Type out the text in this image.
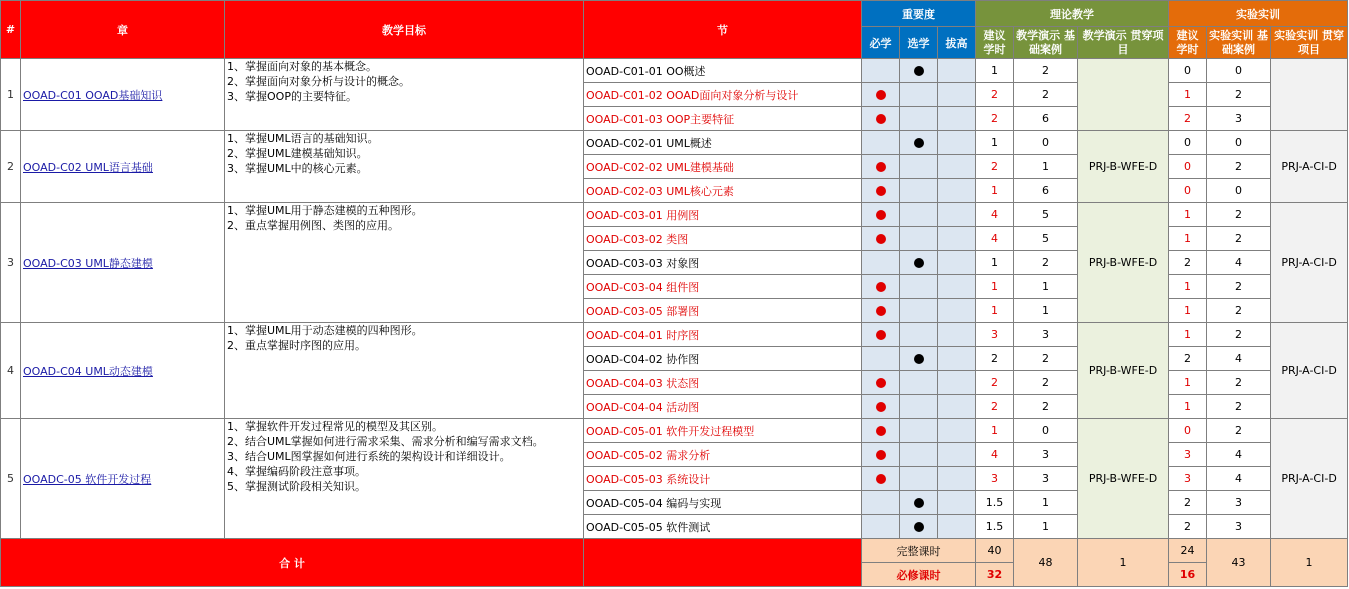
#	章	教学目标	节	重要度			理论教学			实验实训		
				必学	选学	拔高	建议 学时	教学演示 基础案例	教学演示 贯穿项目	建议 学时	实验实训 基础案例	实验实训 贯穿项目
1	OOAD-C01 OOAD基础知识	1、掌握面向对象的基本概念。
2、掌握面向对象分析与设计的概念。
3、掌握OOP的主要特征。	OOAD-C01-01 OO概述				1	2		0	0	
			OOAD-C01-02 OOAD面向对象分析与设计				2	2		1	2	
			OOAD-C01-03 OOP主要特征				2	6		2	3	
2	OOAD-C02 UML语言基础	1、掌握UML语言的基础知识。
2、掌握UML建模基础知识。
3、掌握UML中的核心元素。	OOAD-C02-01 UML概述				1	0	PRJ-B-WFE-D	0	0	PRJ-A-CI-D
			OOAD-C02-02 UML建模基础				2	1		0	2	
			OOAD-C02-03 UML核心元素				1	6		0	0	
3	OOAD-C03 UML静态建模	1、掌握UML用于静态建模的五种图形。
2、重点掌握用例图、类图的应用。	OOAD-C03-01 用例图				4	5	PRJ-B-WFE-D	1	2	PRJ-A-CI-D
			OOAD-C03-02 类图				4	5		1	2	
			OOAD-C03-03 对象图				1	2		2	4	
			OOAD-C03-04 组件图				1	1		1	2	
			OOAD-C03-05 部署图				1	1		1	2	
4	OOAD-C04 UML动态建模	1、掌握UML用于动态建模的四种图形。
2、重点掌握时序图的应用。	OOAD-C04-01 时序图				3	3	PRJ-B-WFE-D	1	2	PRJ-A-CI-D
			OOAD-C04-02 协作图				2	2		2	4	
			OOAD-C04-03 状态图				2	2		1	2	
			OOAD-C04-04 活动图				2	2		1	2	
5	OOADC-05 软件开发过程	1、掌握软件开发过程常见的模型及其区别。
2、结合UML掌握如何进行需求采集、需求分析和编写需求文档。
3、结合UML图掌握如何进行系统的架构设计和详细设计。
4、掌握编码阶段注意事项。
5、掌握测试阶段相关知识。	OOAD-C05-01 软件开发过程模型				1	0	PRJ-B-WFE-D	0	2	PRJ-A-CI-D
			OOAD-C05-02 需求分析				4	3		3	4	
			OOAD-C05-03 系统设计				3	3		3	4	
			OOAD-C05-04 编码与实现				1.5	1		2	3	
			OOAD-C05-05 软件测试				1.5	1		2	3	
合 计				完整课时			40	48	1	24	43	1
				必修课时			32			16		
